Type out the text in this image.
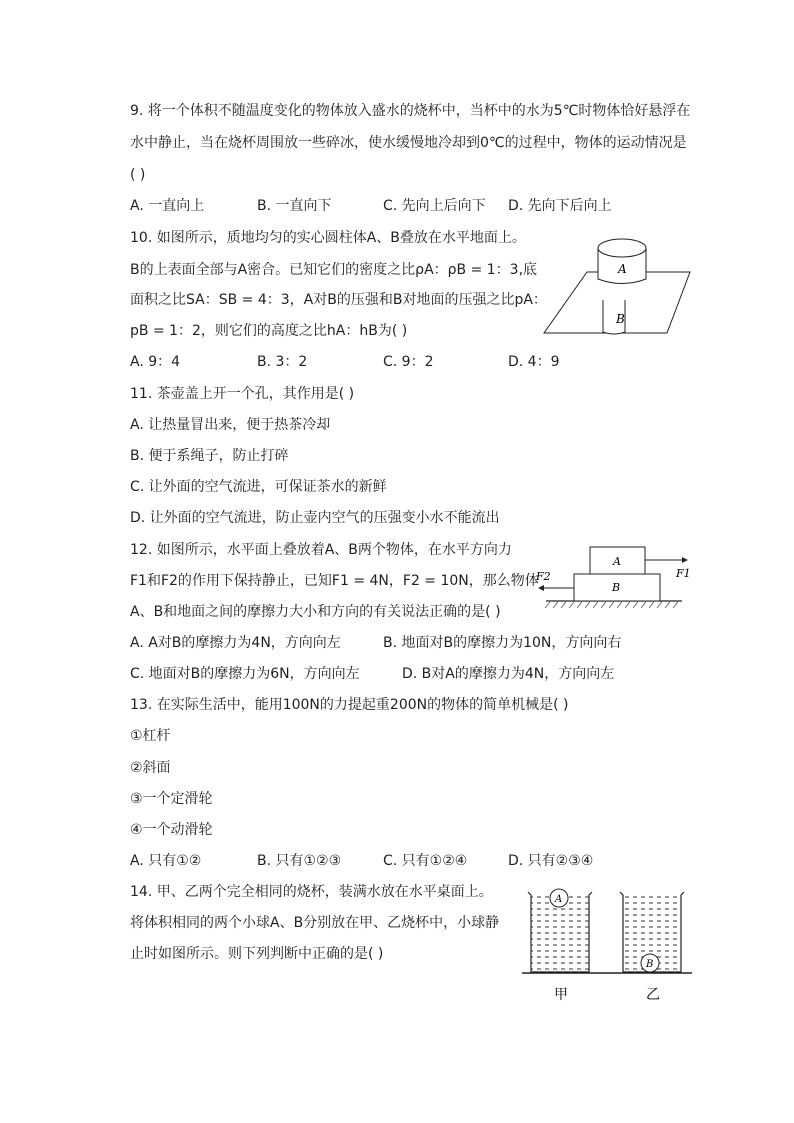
9. 将一个体积不随温度变化的物体放入盛水的烧杯中，当杯中的水为5℃时物体恰好悬浮在
水中静止，当在烧杯周围放一些碎冰，使水缓慢地冷却到0℃的过程中，物体的运动情况是
( )
A. 一直向上	B. 一直向下	C. 先向上后向下 D. 先向下后向上
10. 如图所示，质地均匀的实心圆柱体A、B叠放在水平地面上。
B的上表面全部与A密合。已知它们的密度之比ρA：ρB = 1：3,底
面积之比SA：SB = 4：3，A对B的压强和B对地面的压强之比pA：
pB = 1：2，则它们的高度之比hA：hB为( )
A. 9：4	B. 3：2	C. 9：2	D. 4：9
A
B
11. 茶壶盖上开一个孔，其作用是( )
A. 让热量冒出来，便于热茶冷却
B. 便于系绳子，防止打碎
C. 让外面的空气流进，可保证茶水的新鲜
D. 让外面的空气流进，防止壶内空气的压强变小水不能流出
12. 如图所示，水平面上叠放着A、B两个物体，在水平方向力
F1和F2的作用下保持静止，已知F1 = 4N，F2 = 10N，那么物体
A、B和地面之间的摩擦力大小和方向的有关说法正确的是( )
A. A对B的摩擦力为4N，方向向左	B. 地面对B的摩擦力为10N，方向向右
C. 地面对B的摩擦力为6N，方向向左	D. B对A的摩擦力为4N，方向向左
A
B
F1
F2
13. 在实际生活中，能用100N的力提起重200N的物体的简单机械是( )
①杠杆
②斜面
③一个定滑轮
④一个动滑轮
A. 只有①②	B. 只有①②③	C. 只有①②④	D. 只有②③④
14. 甲、乙两个完全相同的烧杯，装满水放在水平桌面上。
将体积相同的两个小球A、B分别放在甲、乙烧杯中，小球静
止时如图所示。则下列判断中正确的是( )
A
B
甲	乙
